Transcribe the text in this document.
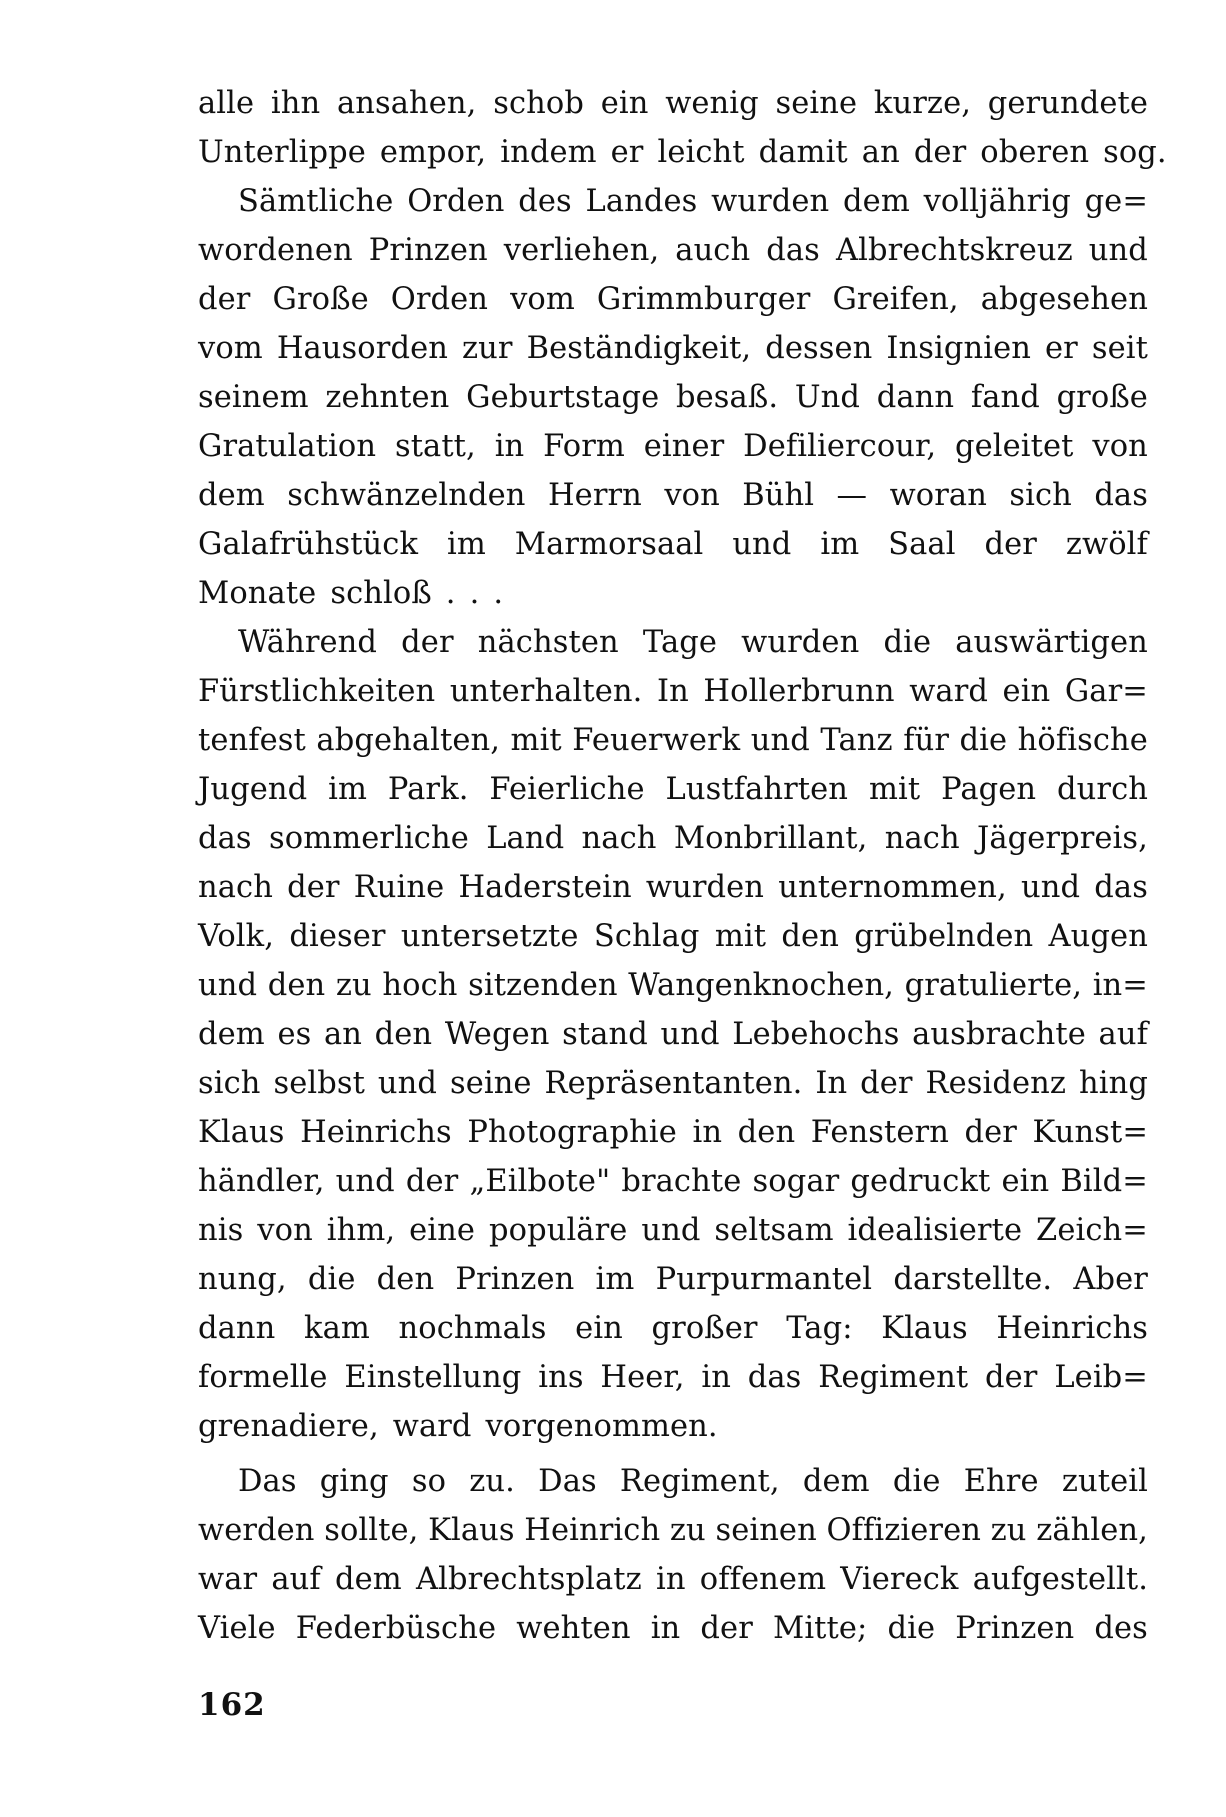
alle ihn ansahen, schob ein wenig seine kurze, gerundete
Unterlippe empor, indem er leicht damit an der oberen sog.
Sämtliche Orden des Landes wurden dem volljährig ge=
wordenen Prinzen verliehen, auch das Albrechtskreuz und
der Große Orden vom Grimmburger Greifen, abgesehen
vom Hausorden zur Beständigkeit, dessen Insignien er seit
seinem zehnten Geburtstage besaß. Und dann fand große
Gratulation statt, in Form einer Defiliercour, geleitet von
dem schwänzelnden Herrn von Bühl — woran sich das
Galafrühstück im Marmorsaal und im Saal der zwölf
Monate schloß . . .
Während der nächsten Tage wurden die auswärtigen
Fürstlichkeiten unterhalten. In Hollerbrunn ward ein Gar=
tenfest abgehalten, mit Feuerwerk und Tanz für die höfische
Jugend im Park. Feierliche Lustfahrten mit Pagen durch
das sommerliche Land nach Monbrillant, nach Jägerpreis,
nach der Ruine Haderstein wurden unternommen, und das
Volk, dieser untersetzte Schlag mit den grübelnden Augen
und den zu hoch sitzenden Wangenknochen, gratulierte, in=
dem es an den Wegen stand und Lebehochs ausbrachte auf
sich selbst und seine Repräsentanten. In der Residenz hing
Klaus Heinrichs Photographie in den Fenstern der Kunst=
händler, und der „Eilbote" brachte sogar gedruckt ein Bild=
nis von ihm, eine populäre und seltsam idealisierte Zeich=
nung, die den Prinzen im Purpurmantel darstellte. Aber
dann kam nochmals ein großer Tag: Klaus Heinrichs
formelle Einstellung ins Heer, in das Regiment der Leib=
grenadiere, ward vorgenommen.
Das ging so zu. Das Regiment, dem die Ehre zuteil
werden sollte, Klaus Heinrich zu seinen Offizieren zu zählen,
war auf dem Albrechtsplatz in offenem Viereck aufgestellt.
Viele Federbüsche wehten in der Mitte; die Prinzen des
162
